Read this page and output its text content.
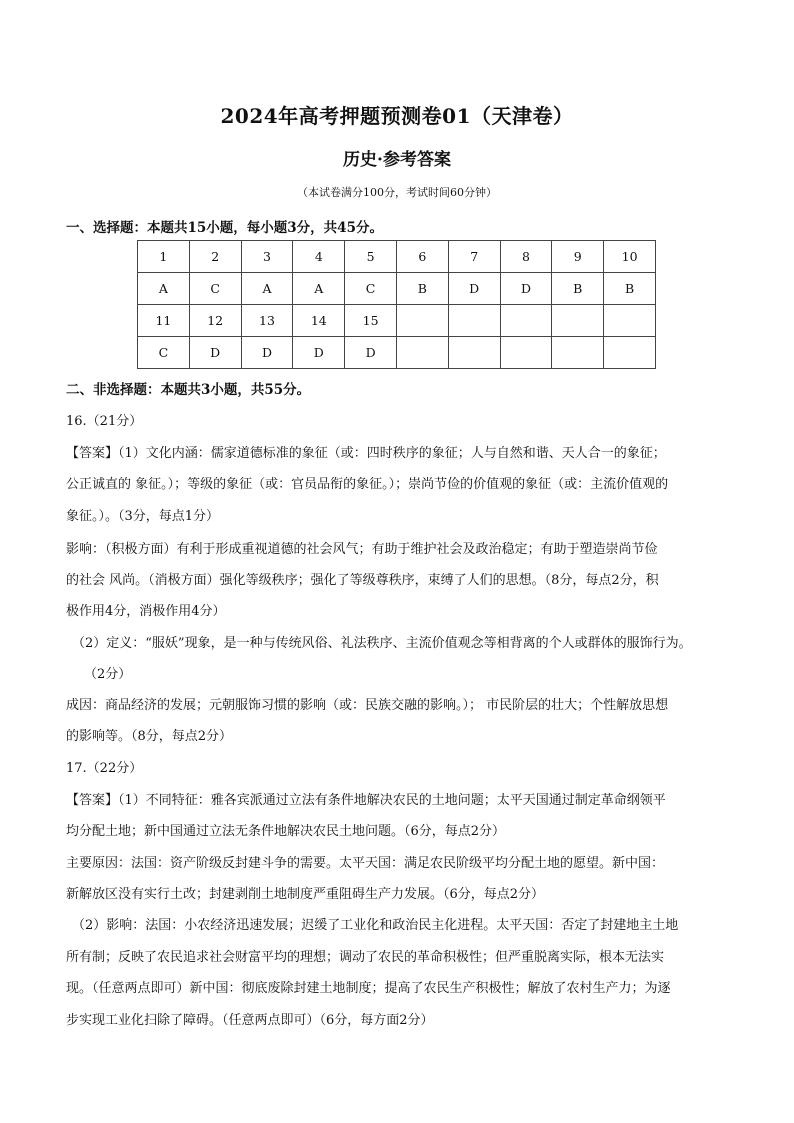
2024年高考押题预测卷01（天津卷）
历史·参考答案
（本试卷满分100分，考试时间60分钟）
一、选择题：本题共15小题，每小题3分，共45分。
1	2	3	4	5	6	7	8	9	10
A	C	A	A	C	B	D	D	B	B
11	12	13	14	15					
C	D	D	D	D					
二、非选择题：本题共3小题，共55分。
16.（21分）
【答案】（1）文化内涵：儒家道德标准的象征（或：四时秩序的象征；人与自然和谐、天人合一的象征；
公正诚直的 象征。）；等级的象征（或：官员品衔的象征。）；崇尚节俭的价值观的象征（或：主流价值观的
象征。）。（3分，每点1分）
影响：（积极方面）有利于形成重视道德的社会风气；有助于维护社会及政治稳定；有助于塑造崇尚节俭
的社会 风尚。（消极方面）强化等级秩序；强化了等级尊秩序，束缚了人们的思想。（8分，每点2分，积
极作用4分，消极作用4分）
（2）定义：“服妖”现象，是一种与传统风俗、礼法秩序、主流价值观念等相背离的个人或群体的服饰行为。
（2分）
成因：商品经济的发展；元朝服饰习惯的影响（或：民族交融的影响。）； 市民阶层的壮大；个性解放思想
的影响等。（8分，每点2分）
17.（22分）
【答案】（1）不同特征：雅各宾派通过立法有条件地解决农民的土地问题；太平天国通过制定革命纲领平
均分配土地；新中国通过立法无条件地解决农民土地问题。（6分，每点2分）
主要原因：法国：资产阶级反封建斗争的需要。太平天国：满足农民阶级平均分配土地的愿望。新中国：
新解放区没有实行土改；封建剥削土地制度严重阻碍生产力发展。（6分，每点2分）
（2）影响：法国：小农经济迅速发展；迟缓了工业化和政治民主化进程。太平天国：否定了封建地主土地
所有制；反映了农民追求社会财富平均的理想；调动了农民的革命积极性；但严重脱离实际，根本无法实
现。（任意两点即可）新中国：彻底废除封建土地制度；提高了农民生产积极性；解放了农村生产力；为逐
步实现工业化扫除了障碍。（任意两点即可）（6分，每方面2分）
